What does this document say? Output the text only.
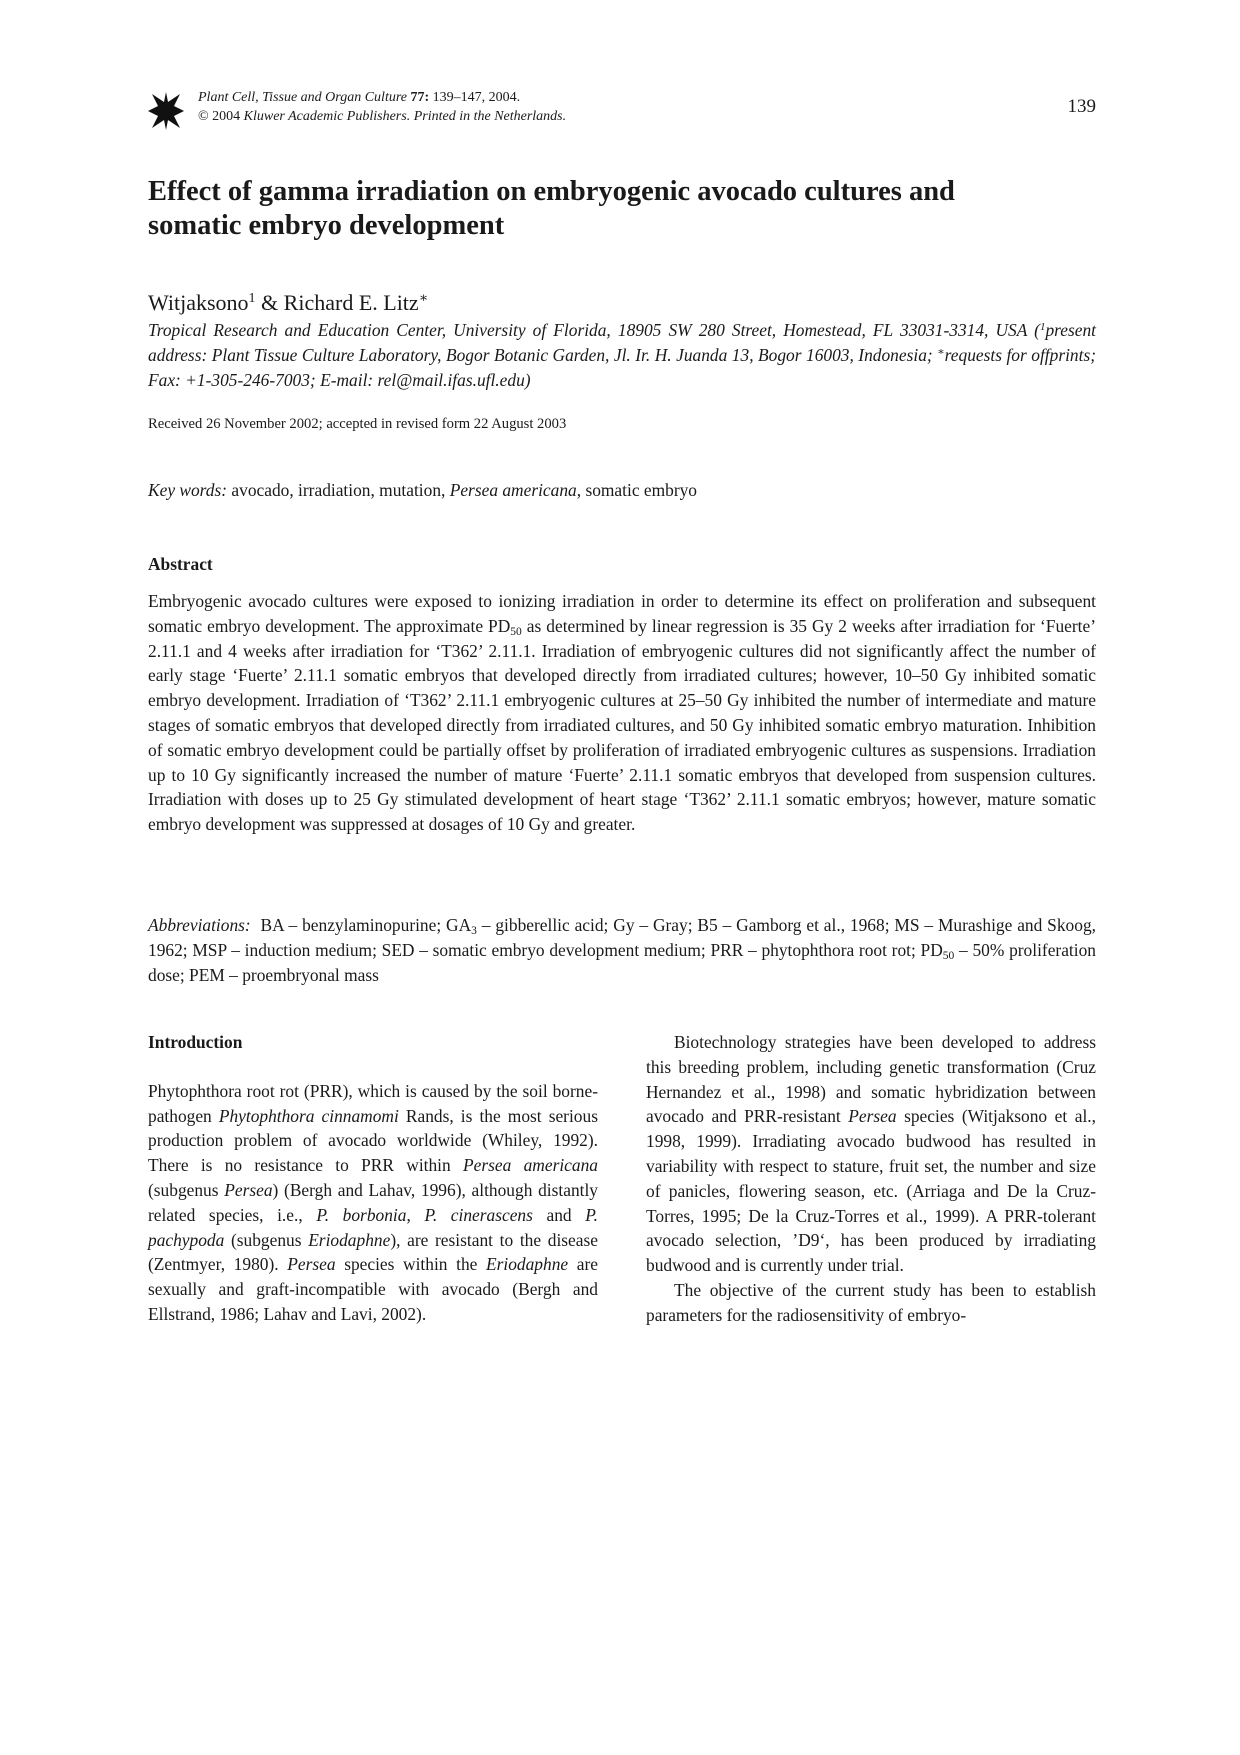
Plant Cell, Tissue and Organ Culture 77: 139–147, 2004.
© 2004 Kluwer Academic Publishers. Printed in the Netherlands.	139
Effect of gamma irradiation on embryogenic avocado cultures and
somatic embryo development

Witjaksono$^1$ & Richard E. Litz∗

Tropical Research and Education Center, University of Florida, 18905 SW 280 Street, Homestead, FL 33031-3314, USA ($^1$present address: Plant Tissue Culture Laboratory, Bogor Botanic Garden, Jl. Ir. H. Juanda 13, Bogor 16003, Indonesia; ∗requests for offprints; Fax: +1-305-246-7003; E-mail: rel@mail.ifas.ufl.edu)

Received 26 November 2002; accepted in revised form 22 August 2003

Key words: avocado, irradiation, mutation, Persea americana, somatic embryo

Abstract

Embryogenic avocado cultures were exposed to ionizing irradiation in order to determine its effect on proliferation and subsequent somatic embryo development. The approximate $PD_{50}$ as determined by linear regression is 35 Gy 2 weeks after irradiation for ‘Fuerte’ 2.11.1 and 4 weeks after irradiation for ‘T362’ 2.11.1. Irradiation of embryogenic cultures did not significantly affect the number of early stage ‘Fuerte’ 2.11.1 somatic embryos that developed directly from irradiated cultures; however, 10–50 Gy inhibited somatic embryo development. Irradiation of ‘T362’ 2.11.1 embryogenic cultures at 25–50 Gy inhibited the number of intermediate and mature stages of somatic embryos that developed directly from irradiated cultures, and 50 Gy inhibited somatic embryo maturation. Inhibition of somatic embryo development could be partially offset by proliferation of irradiated embryogenic cultures as suspensions. Irradiation up to 10 Gy significantly increased the number of mature ‘Fuerte’ 2.11.1 somatic embryos that developed from suspension cultures. Irradiation with doses up to 25 Gy stimulated development of heart stage ‘T362’ 2.11.1 somatic embryos; however, mature somatic embryo development was suppressed at dosages of 10 Gy and greater.

Abbreviations: BA – benzylaminopurine; $GA_3$ – gibberellic acid; Gy – Gray; B5 – Gamborg et al., 1968; MS – Murashige and Skoog, 1962; MSP – induction medium; SED – somatic embryo development medium; PRR – phytophthora root rot; $PD_{50} - 50\%$ proliferation dose; PEM – proembryonal mass

Introduction

Phytophthora root rot (PRR), which is caused by the soil borne-pathogen Phytophthora cinnamomi Rands, is the most serious production problem of avocado worldwide (Whiley, 1992). There is no resistance to PRR within Persea americana (subgenus Persea) (Bergh and Lahav, 1996), although distantly related species, i.e., P. borbonia, P. cinerascens and P. pachypoda (subgenus Eriodaphne), are resistant to the disease (Zentmyer, 1980). Persea species within the Eriodaphne are sexually and graft-incompatible with avocado (Bergh and Ellstrand, 1986; Lahav and Lavi, 2002).

Biotechnology strategies have been developed to address this breeding problem, including genetic transformation (Cruz Hernandez et al., 1998) and somatic hybridization between avocado and PRR-resistant Persea species (Witjaksono et al., 1998, 1999). Irradiating avocado budwood has resulted in variability with respect to stature, fruit set, the number and size of panicles, flowering season, etc. (Arriaga and De la Cruz-Torres, 1995; De la Cruz-Torres et al., 1999). A PRR-tolerant avocado selection, ’D9‘, has been produced by irradiating budwood and is currently under trial.

The objective of the current study has been to establish parameters for the radiosensitivity of embryo-
